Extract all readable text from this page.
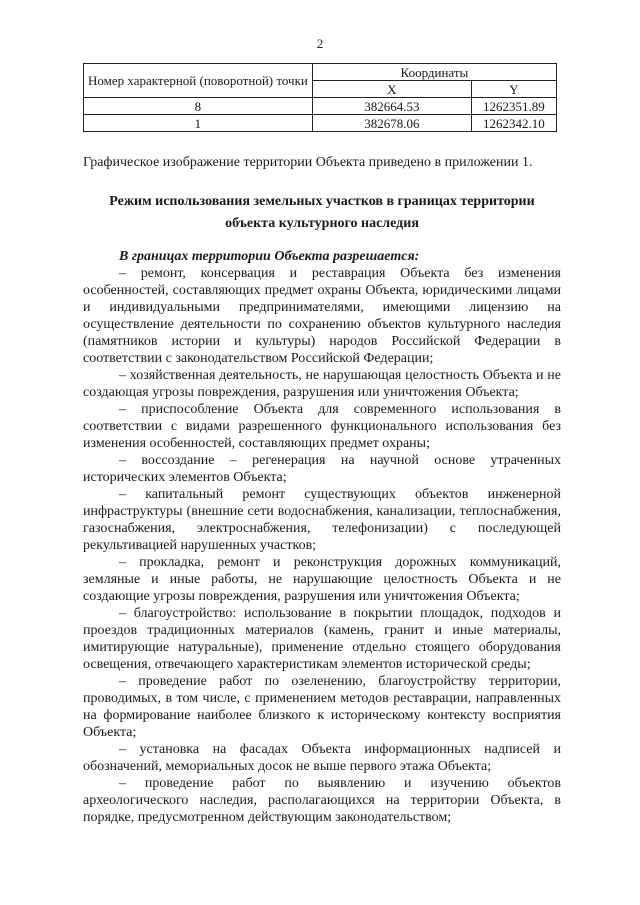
2
Номер характерной (поворотной) точки	Координаты	
	X	Y
8	382664.53	1262351.89
1	382678.06	1262342.10
Графическое изображение территории Объекта приведено в приложении 1.
Режим использования земельных участков в границах территории объекта культурного наследия

В границах территории Объекта разрешается:

– ремонт, консервация и реставрация Объекта без изменения особенностей, составляющих предмет охраны Объекта, юридическими лицами и индивидуальными предпринимателями, имеющими лицензию на осуществление деятельности по сохранению объектов культурного наследия (памятников истории и культуры) народов Российской Федерации в соответствии с законодательством Российской Федерации;

– хозяйственная деятельность, не нарушающая целостность Объекта и не создающая угрозы повреждения, разрушения или уничтожения Объекта;

– приспособление Объекта для современного использования в соответствии с видами разрешенного функционального использования без изменения особенностей, составляющих предмет охраны;

– воссоздание – регенерация на научной основе утраченных исторических элементов Объекта;

– капитальный ремонт существующих объектов инженерной инфраструктуры (внешние сети водоснабжения, канализации, теплоснабжения, газоснабжения, электроснабжения, телефонизации) с последующей рекультивацией нарушенных участков;

– прокладка, ремонт и реконструкция дорожных коммуникаций, земляные и иные работы, не нарушающие целостность Объекта и не создающие угрозы повреждения, разрушения или уничтожения Объекта;

– благоустройство: использование в покрытии площадок, подходов и проездов традиционных материалов (камень, гранит и иные материалы, имитирующие натуральные), применение отдельно стоящего оборудования освещения, отвечающего характеристикам элементов исторической среды;

– проведение работ по озеленению, благоустройству территории, проводимых, в том числе, с применением методов реставрации, направленных на формирование наиболее близкого к историческому контексту восприятия Объекта;

– установка на фасадах Объекта информационных надписей и обозначений, мемориальных досок не выше первого этажа Объекта;

– проведение работ по выявлению и изучению объектов археологического наследия, располагающихся на территории Объекта, в порядке, предусмотренном действующим законодательством;
